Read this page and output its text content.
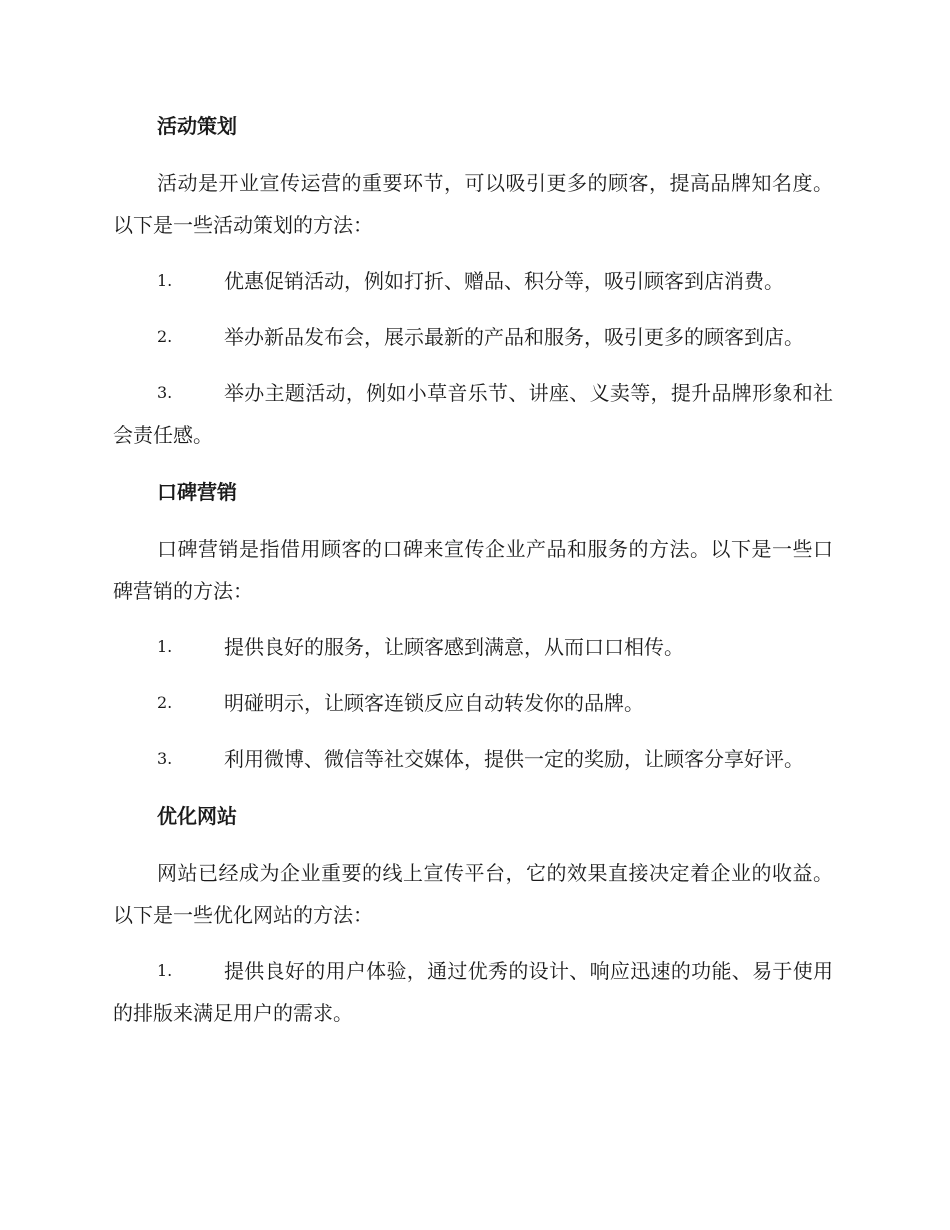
活动策划

活动是开业宣传运营的重要环节，可以吸引更多的顾客，提高品牌知名度。以下是一些活动策划的方法：

1.	优惠促销活动，例如打折、赠品、积分等，吸引顾客到店消费。

2.	举办新品发布会，展示最新的产品和服务，吸引更多的顾客到店。

3.	举办主题活动，例如小草音乐节、讲座、义卖等，提升品牌形象和社会责任感。

口碑营销

口碑营销是指借用顾客的口碑来宣传企业产品和服务的方法。以下是一些口碑营销的方法：

1.	提供良好的服务，让顾客感到满意，从而口口相传。

2.	明碰明示，让顾客连锁反应自动转发你的品牌。

3.	利用微博、微信等社交媒体，提供一定的奖励，让顾客分享好评。

优化网站

网站已经成为企业重要的线上宣传平台，它的效果直接决定着企业的收益。以下是一些优化网站的方法：

1.	提供良好的用户体验，通过优秀的设计、响应迅速的功能、易于使用的排版来满足用户的需求。
